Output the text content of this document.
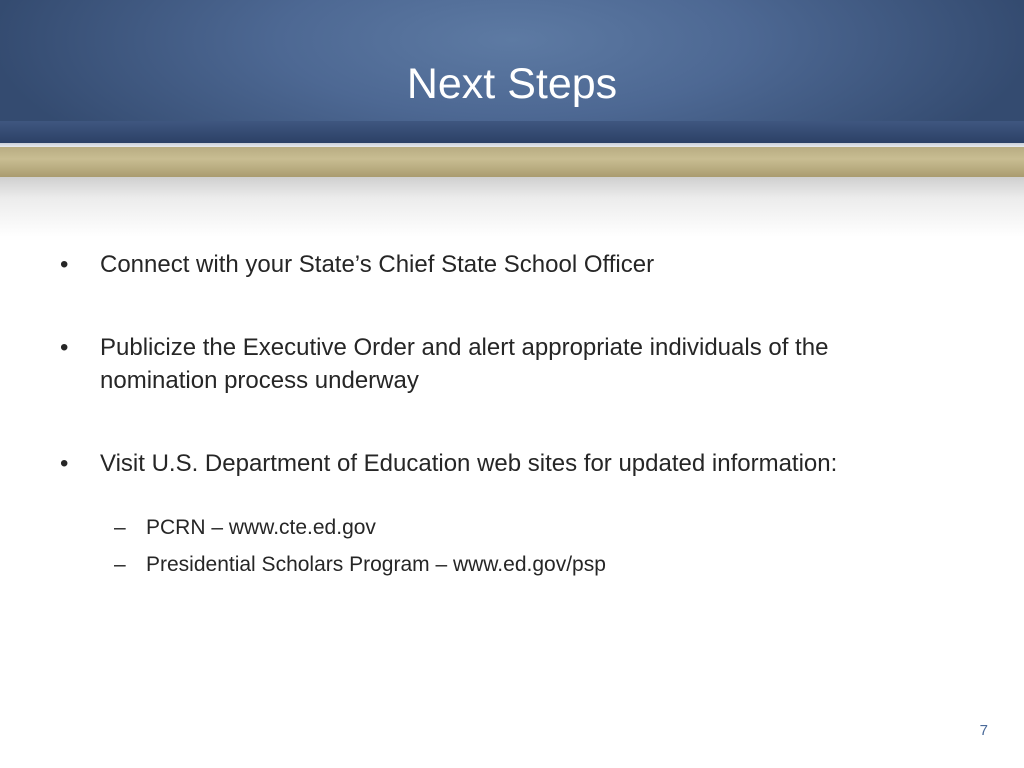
Next Steps
•	Connect with your State’s Chief State School Officer
•	Publicize the Executive Order and alert appropriate individuals of the nomination process underway
•	Visit U.S. Department of Education web sites for updated information:
– PCRN – www.cte.ed.gov
– Presidential Scholars Program – www.ed.gov/psp
7
